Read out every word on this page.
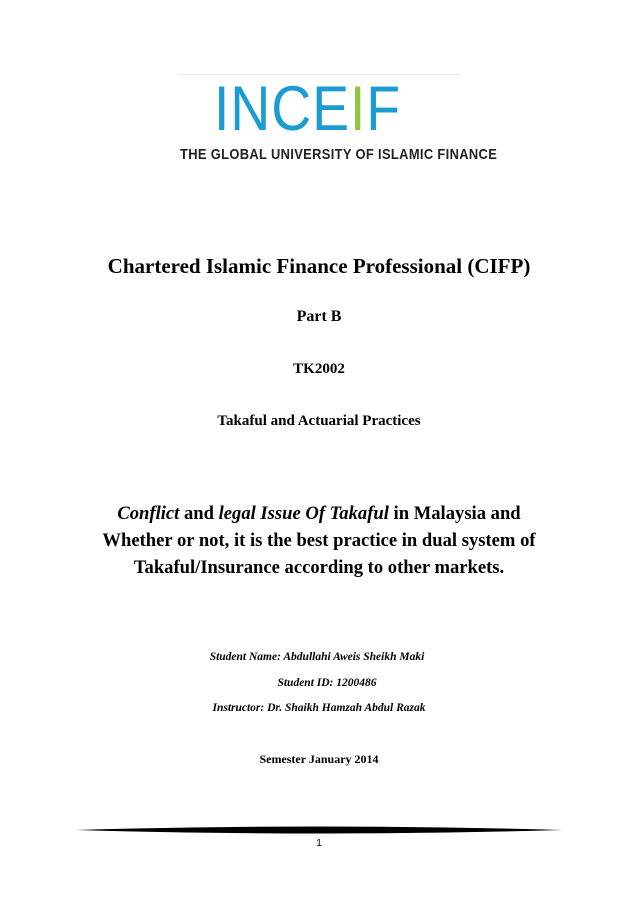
INCEIF
THE GLOBAL UNIVERSITY OF ISLAMIC FINANCE
Chartered Islamic Finance Professional (CIFP)
Part B
TK2002
Takaful and Actuarial Practices
Conflict and legal Issue Of Takaful in Malaysia and
Whether or not, it is the best practice in dual system of
Takaful/Insurance according to other markets.
Student Name: Abdullahi Aweis Sheikh Maki
Student ID: 1200486
Instructor: Dr. Shaikh Hamzah Abdul Razak
Semester January 2014
1
